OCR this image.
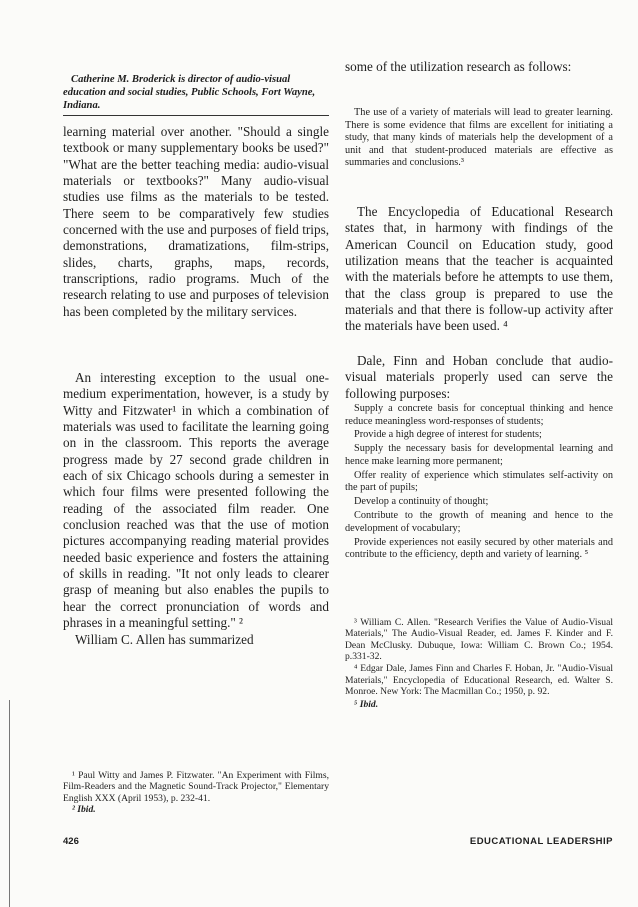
Catherine M. Broderick is director of audio-visual education and social studies, Public Schools, Fort Wayne, Indiana.

learning material over another. "Should a single textbook or many supplementary books be used?" "What are the better teaching media: audio-visual materials or textbooks?" Many audio-visual studies use films as the materials to be tested. There seem to be comparatively few studies concerned with the use and purposes of field trips, demonstrations, dramatizations, film-strips, slides, charts, graphs, maps, records, transcriptions, radio programs. Much of the research relating to use and purposes of television has been completed by the military services.

An interesting exception to the usual one-medium experimentation, however, is a study by Witty and Fitzwater¹ in which a combination of materials was used to facilitate the learning going on in the classroom. This reports the average progress made by 27 second grade children in each of six Chicago schools during a semester in which four films were presented following the reading of the associated film reader. One conclusion reached was that the use of motion pictures accompanying reading material provides needed basic experience and fosters the attaining of skills in reading. "It not only leads to clearer grasp of meaning but also enables the pupils to hear the correct pronunciation of words and phrases in a meaningful setting." ²

William C. Allen has summarized

¹ Paul Witty and James P. Fitzwater. "An Experiment with Films, Film-Readers and the Magnetic Sound-Track Projector," Elementary English XXX (April 1953), p. 232-41.

² Ibid.

some of the utilization research as follows:

The use of a variety of materials will lead to greater learning. There is some evidence that films are excellent for initiating a study, that many kinds of materials help the development of a unit and that student-produced materials are effective as summaries and conclusions.³

The Encyclopedia of Educational Research states that, in harmony with findings of the American Council on Education study, good utilization means that the teacher is acquainted with the materials before he attempts to use them, that the class group is prepared to use the materials and that there is follow-up activity after the materials have been used. ⁴

Dale, Finn and Hoban conclude that audio-visual materials properly used can serve the following purposes:

Supply a concrete basis for conceptual thinking and hence reduce meaningless word-responses of students;

Provide a high degree of interest for students;

Supply the necessary basis for developmental learning and hence make learning more permanent;

Offer reality of experience which stimulates self-activity on the part of pupils;

Develop a continuity of thought;

Contribute to the growth of meaning and hence to the development of vocabulary;

Provide experiences not easily secured by other materials and contribute to the efficiency, depth and variety of learning. ⁵

³ William C. Allen. "Research Verifies the Value of Audio-Visual Materials," The Audio-Visual Reader, ed. James F. Kinder and F. Dean McClusky. Dubuque, Iowa: William C. Brown Co.; 1954. p.331-32.

⁴ Edgar Dale, James Finn and Charles F. Hoban, Jr. "Audio-Visual Materials," Encyclopedia of Educational Research, ed. Walter S. Monroe. New York: The Macmillan Co.; 1950, p. 92.

⁵ Ibid.

426	EDUCATIONAL LEADERSHIP
